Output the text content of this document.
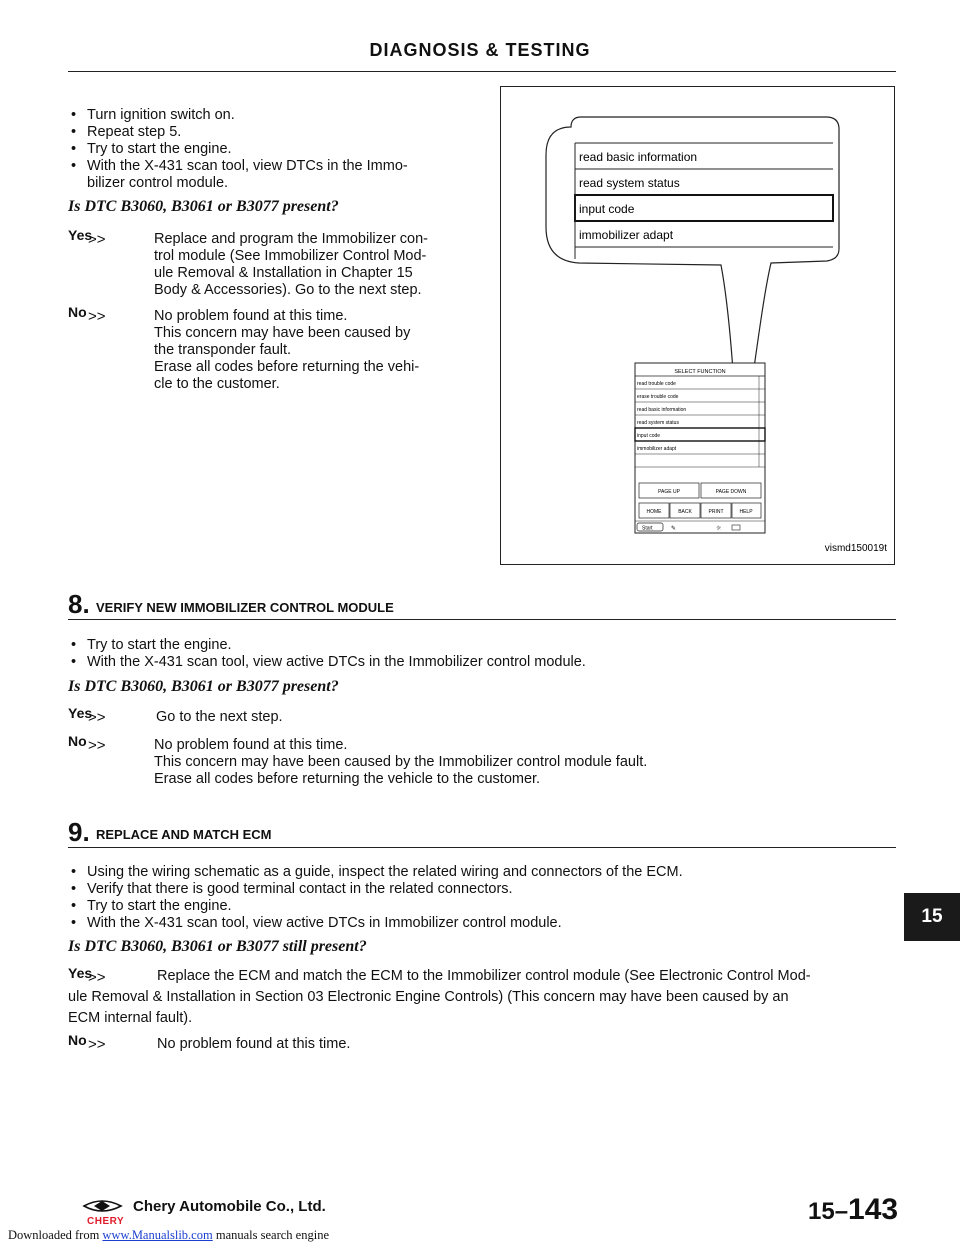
DIAGNOSIS & TESTING
• Turn ignition switch on.
• Repeat step 5.
• Try to start the engine.
• With the X-431 scan tool, view DTCs in the Immo-
bilizer control module.
Is DTC B3060, B3061 or B3077 present?
Yes
>>	Replace and program the Immobilizer con-
trol module (See Immobilizer Control Mod-
ule Removal & Installation in Chapter 15
Body & Accessories). Go to the next step.
No >>	No problem found at this time.
This concern may have been caused by
the transponder fault.
Erase all codes before returning the vehi-
cle to the customer.
read basic information
read system status
input code
immobilizer adapt
SELECT FUNCTION
read trouble code
erase trouble code
read basic information
read system status
input code
immobilizer adapt
PAGE UP	PAGE DOWN
HOME	BACK	PRINT	HELP
Start	✎	☼
vismd150019t
8. VERIFY NEW IMMOBILIZER CONTROL MODULE
• Try to start the engine.
• With the X-431 scan tool, view active DTCs in the Immobilizer control module.
Is DTC B3060, B3061 or B3077 present?
Yes
>>	Go to the next step.
No >>	No problem found at this time.
This concern may have been caused by the Immobilizer control module fault.
Erase all codes before returning the vehicle to the customer.
9. REPLACE AND MATCH ECM
• Using the wiring schematic as a guide, inspect the related wiring and connectors of the ECM.
• Verify that there is good terminal contact in the related connectors.
• Try to start the engine.
• With the X-431 scan tool, view active DTCs in Immobilizer control module.
Is DTC B3060, B3061 or B3077 still present?
Yes
>>	Replace the ECM and match the ECM to the Immobilizer control module (See Electronic Control Mod-
ule Removal & Installation in Section 03 Electronic Engine Controls) (This concern may have been caused by an
ECM internal fault).
No >>	No problem found at this time.
15
CHERY
Chery Automobile Co., Ltd.	15–143
Downloaded from www.Manualslib.com manuals search engine
